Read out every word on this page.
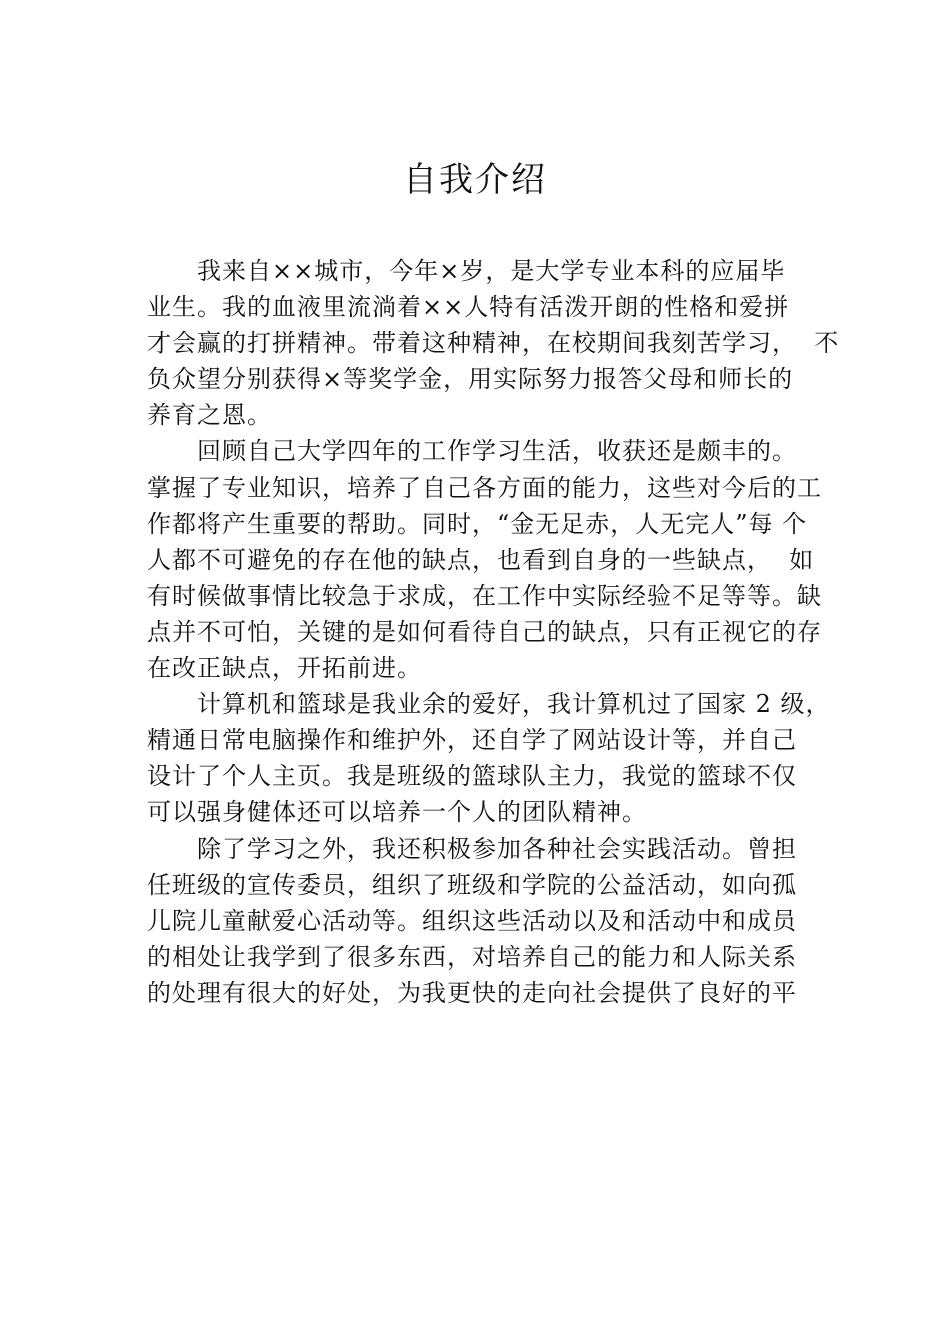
自我介绍
我来自××城市，今年×岁，是大学专业本科的应届毕
业生。我的血液里流淌着××人特有活泼开朗的性格和爱拼
才会赢的打拼精神。带着这种精神，在校期间我刻苦学习，  不
负众望分别获得×等奖学金，用实际努力报答父母和师长的
养育之恩。
回顾自己大学四年的工作学习生活，收获还是颇丰的。
掌握了专业知识，培养了自己各方面的能力，这些对今后的工
作都将产生重要的帮助。同时，“金无足赤，人无完人”每 个
人都不可避免的存在他的缺点，也看到自身的一些缺点，  如
有时候做事情比较急于求成，在工作中实际经验不足等等。缺
点并不可怕，关键的是如何看待自己的缺点，只有正视它的存
在改正缺点，开拓前进。
计算机和篮球是我业余的爱好，我计算机过了国家 2 级，
精通日常电脑操作和维护外，还自学了网站设计等，并自己
设计了个人主页。我是班级的篮球队主力，我觉的篮球不仅
可以强身健体还可以培养一个人的团队精神。
除了学习之外，我还积极参加各种社会实践活动。曾担
任班级的宣传委员，组织了班级和学院的公益活动，如向孤
儿院儿童献爱心活动等。组织这些活动以及和活动中和成员
的相处让我学到了很多东西，对培养自己的能力和人际关系
的处理有很大的好处，为我更快的走向社会提供了良好的平
